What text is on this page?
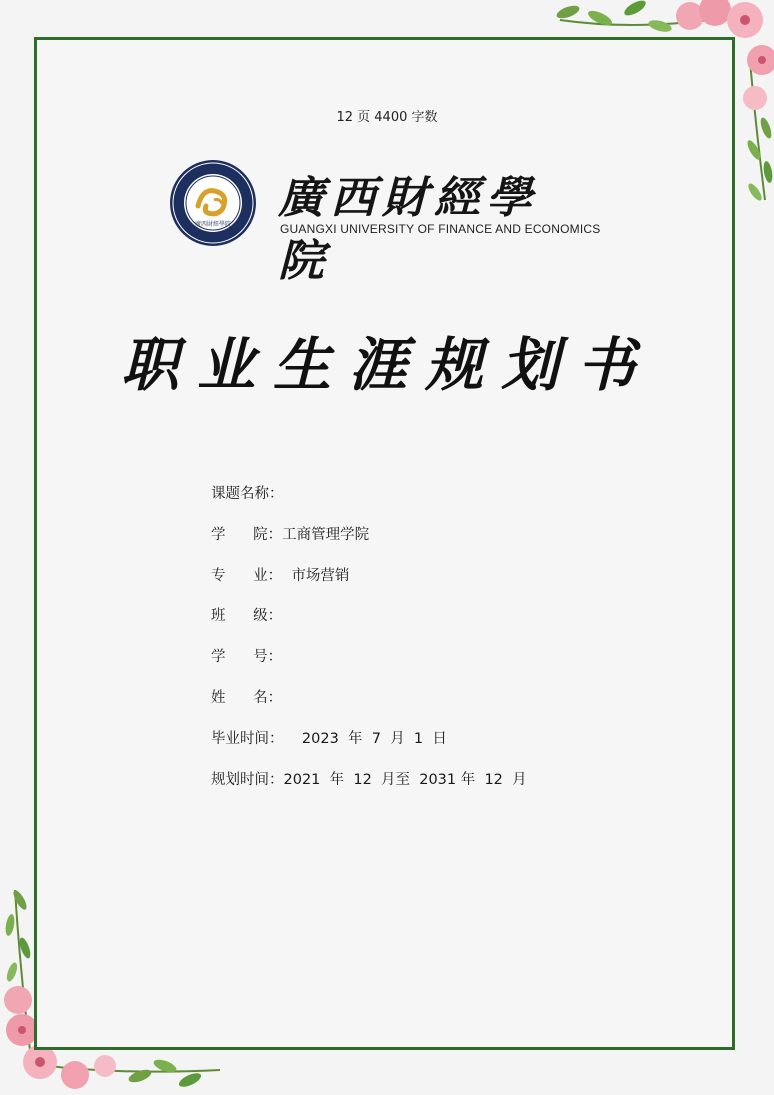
12 页 4400 字数
廣西財經學院
廣西財經學院
GUANGXI UNIVERSITY OF FINANCE AND ECONOMICS
职业生涯规划书
课题名称：
学      院： 工商管理学院
专      业： 市场营销
班      级：
学      号：
姓      名：
毕业时间： 2023  年  7  月  1  日
规划时间： 2021  年  12  月至  2031 年  12  月
